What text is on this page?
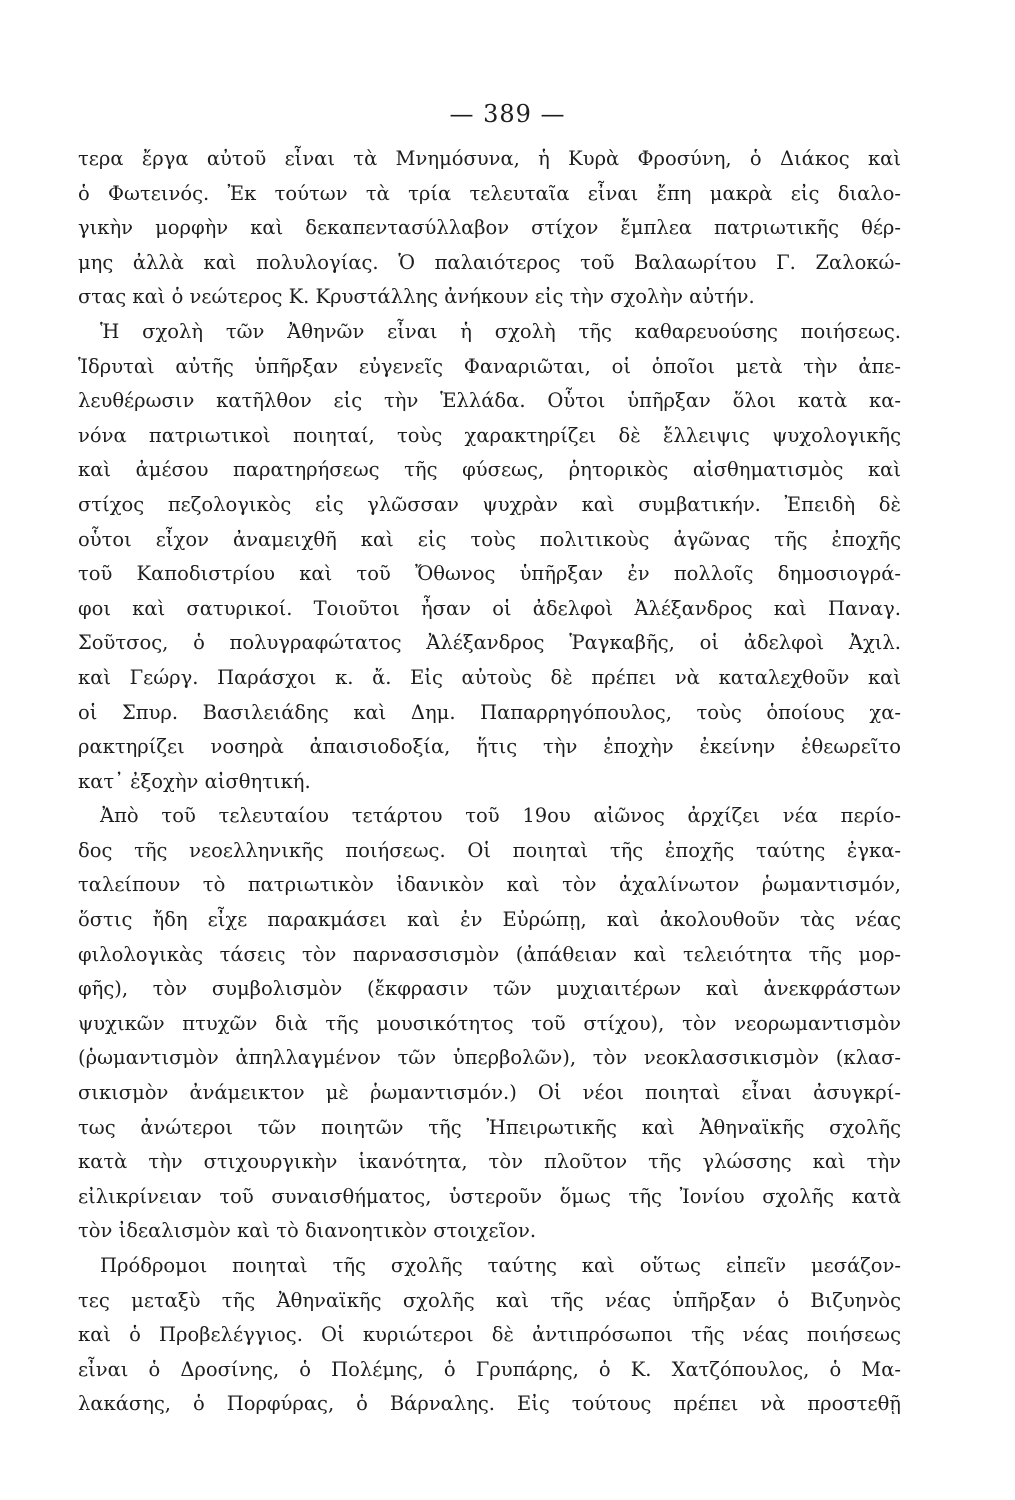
— 389 —
τερα ἔργα αὐτοῦ εἶναι τὰ Μνημόσυνα, ἡ Κυρὰ Φροσύνη, ὁ Διάκος καὶ
ὁ Φωτεινός. Ἐκ τούτων τὰ τρία τελευταῖα εἶναι ἔπη μακρὰ εἰς διαλο-
γικὴν μορφὴν καὶ δεκαπεντασύλλαβον στίχον ἔμπλεα πατριωτικῆς θέρ-
μης ἀλλὰ καὶ πολυλογίας. Ὁ παλαιότερος τοῦ Βαλαωρίτου Γ. Ζαλοκώ-
στας καὶ ὁ νεώτερος Κ. Κρυστάλλης ἀνήκουν εἰς τὴν σχολὴν αὐτήν.
Ἡ σχολὴ τῶν Ἀθηνῶν εἶναι ἡ σχολὴ τῆς καθαρευούσης ποιήσεως.
Ἱδρυταὶ αὐτῆς ὑπῆρξαν εὐγενεῖς Φαναριῶται, οἱ ὁποῖοι μετὰ τὴν ἀπε-
λευθέρωσιν κατῆλθον εἰς τὴν Ἑλλάδα. Οὗτοι ὑπῆρξαν ὅλοι κατὰ κα-
νόνα πατριωτικοὶ ποιηταί, τοὺς χαρακτηρίζει δὲ ἔλλειψις ψυχολογικῆς
καὶ ἀμέσου παρατηρήσεως τῆς φύσεως, ῥητορικὸς αἰσθηματισμὸς καὶ
στίχος πεζολογικὸς εἰς γλῶσσαν ψυχρὰν καὶ συμβατικήν. Ἐπειδὴ δὲ
οὗτοι εἶχον ἀναμειχθῆ καὶ εἰς τοὺς πολιτικοὺς ἀγῶνας τῆς ἐποχῆς
τοῦ Καποδιστρίου καὶ τοῦ Ὄθωνος ὑπῆρξαν ἐν πολλοῖς δημοσιογρά-
φοι καὶ σατυρικοί. Τοιοῦτοι ἦσαν οἱ ἀδελφοὶ Ἀλέξανδρος καὶ Παναγ.
Σοῦτσος, ὁ πολυγραφώτατος Ἀλέξανδρος Ῥαγκαβῆς, οἱ ἀδελφοὶ Ἀχιλ.
καὶ Γεώργ. Παράσχοι κ. ἄ. Εἰς αὐτοὺς δὲ πρέπει νὰ καταλεχθοῦν καὶ
οἱ Σπυρ. Βασιλειάδης καὶ Δημ. Παπαρρηγόπουλος, τοὺς ὁποίους χα-
ρακτηρίζει νοσηρὰ ἀπαισιοδοξία, ἥτις τὴν ἐποχὴν ἐκείνην ἐθεωρεῖτο
κατ᾿ ἐξοχὴν αἰσθητική.
Ἀπὸ τοῦ τελευταίου τετάρτου τοῦ 19ου αἰῶνος ἀρχίζει νέα περίο-
δος τῆς νεοελληνικῆς ποιήσεως. Οἱ ποιηταὶ τῆς ἐποχῆς ταύτης ἐγκα-
ταλείπουν τὸ πατριωτικὸν ἰδανικὸν καὶ τὸν ἀχαλίνωτον ῥωμαντισμόν,
ὅστις ἤδη εἶχε παρακμάσει καὶ ἐν Εὐρώπῃ, καὶ ἀκολουθοῦν τὰς νέας
φιλολογικὰς τάσεις τὸν παρνασσισμὸν (ἀπάθειαν καὶ τελειότητα τῆς μορ-
φῆς), τὸν συμβολισμὸν (ἔκφρασιν τῶν μυχιαιτέρων καὶ ἀνεκφράστων
ψυχικῶν πτυχῶν διὰ τῆς μουσικότητος τοῦ στίχου), τὸν νεορωμαντισμὸν
(ῥωμαντισμὸν ἀπηλλαγμένον τῶν ὑπερβολῶν), τὸν νεοκλασσικισμὸν (κλασ-
σικισμὸν ἀνάμεικτον μὲ ῥωμαντισμόν.) Οἱ νέοι ποιηταὶ εἶναι ἀσυγκρί-
τως ἀνώτεροι τῶν ποιητῶν τῆς Ἠπειρωτικῆς καὶ Ἀθηναϊκῆς σχολῆς
κατὰ τὴν στιχουργικὴν ἱκανότητα, τὸν πλοῦτον τῆς γλώσσης καὶ τὴν
εἰλικρίνειαν τοῦ συναισθήματος, ὑστεροῦν ὅμως τῆς Ἰονίου σχολῆς κατὰ
τὸν ἰδεαλισμὸν καὶ τὸ διανοητικὸν στοιχεῖον.
Πρόδρομοι ποιηταὶ τῆς σχολῆς ταύτης καὶ οὕτως εἰπεῖν μεσάζον-
τες μεταξὺ τῆς Ἀθηναϊκῆς σχολῆς καὶ τῆς νέας ὑπῆρξαν ὁ Βιζυηνὸς
καὶ ὁ Προβελέγγιος. Οἱ κυριώτεροι δὲ ἀντιπρόσωποι τῆς νέας ποιήσεως
εἶναι ὁ Δροσίνης, ὁ Πολέμης, ὁ Γρυπάρης, ὁ Κ. Χατζόπουλος, ὁ Μα-
λακάσης, ὁ Πορφύρας, ὁ Βάρναλης. Εἰς τούτους πρέπει νὰ προστεθῇ
